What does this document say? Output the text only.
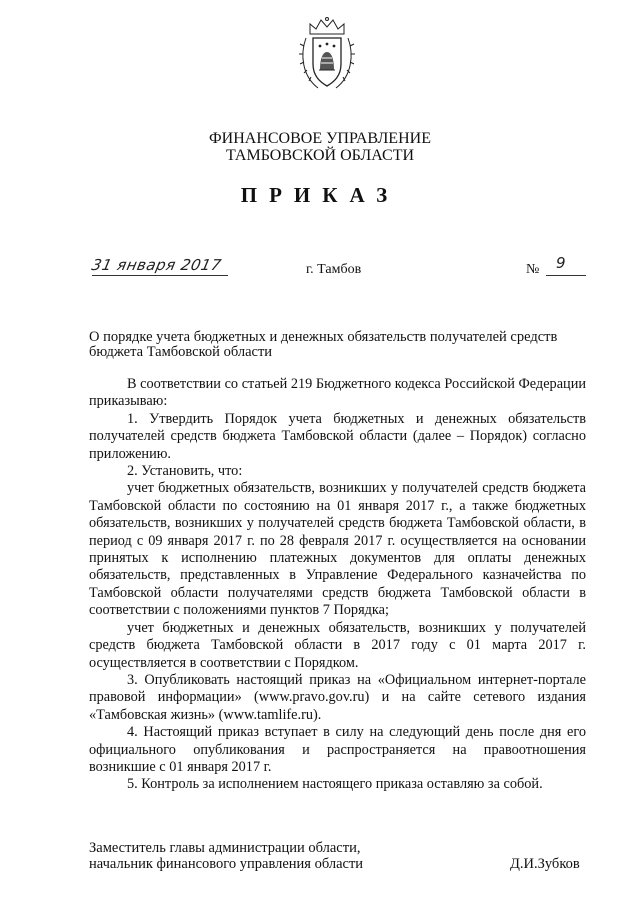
ФИНАНСОВОЕ УПРАВЛЕНИЕ
ТАМБОВСКОЙ ОБЛАСТИ
ПРИКАЗ
31 января 2017	г. Тамбов	№ 9
О порядке учета бюджетных и денежных обязательств получателей средств бюджета Тамбовской области

В соответствии со статьей 219 Бюджетного кодекса Российской Федерации приказываю:

1. Утвердить Порядок учета бюджетных и денежных обязательств получателей средств бюджета Тамбовской области (далее – Порядок) согласно приложению.

2. Установить, что:

учет бюджетных обязательств, возникших у получателей средств бюджета Тамбовской области по состоянию на 01 января 2017 г., а также бюджетных обязательств, возникших у получателей средств бюджета Тамбовской области, в период с 09 января 2017 г. по 28 февраля 2017 г. осуществляется на основании принятых к исполнению платежных документов для оплаты денежных обязательств, представленных в Управление Федерального казначейства по Тамбовской области получателями средств бюджета Тамбовской области в соответствии с положениями пунктов 7 Порядка;

учет бюджетных и денежных обязательств, возникших у получателей средств бюджета Тамбовской области в 2017 году с 01 марта 2017 г. осуществляется в соответствии с Порядком.

3. Опубликовать настоящий приказ на «Официальном интернет-портале правовой информации» (www.pravo.gov.ru) и на сайте сетевого издания «Тамбовская жизнь» (www.tamlife.ru).

4. Настоящий приказ вступает в силу на следующий день после дня его официального опубликования и распространяется на правоотношения возникшие с 01 января 2017 г.

5. Контроль за исполнением настоящего приказа оставляю за собой.

Заместитель главы администрации области,
начальник финансового управления области	Д.И.Зубков
